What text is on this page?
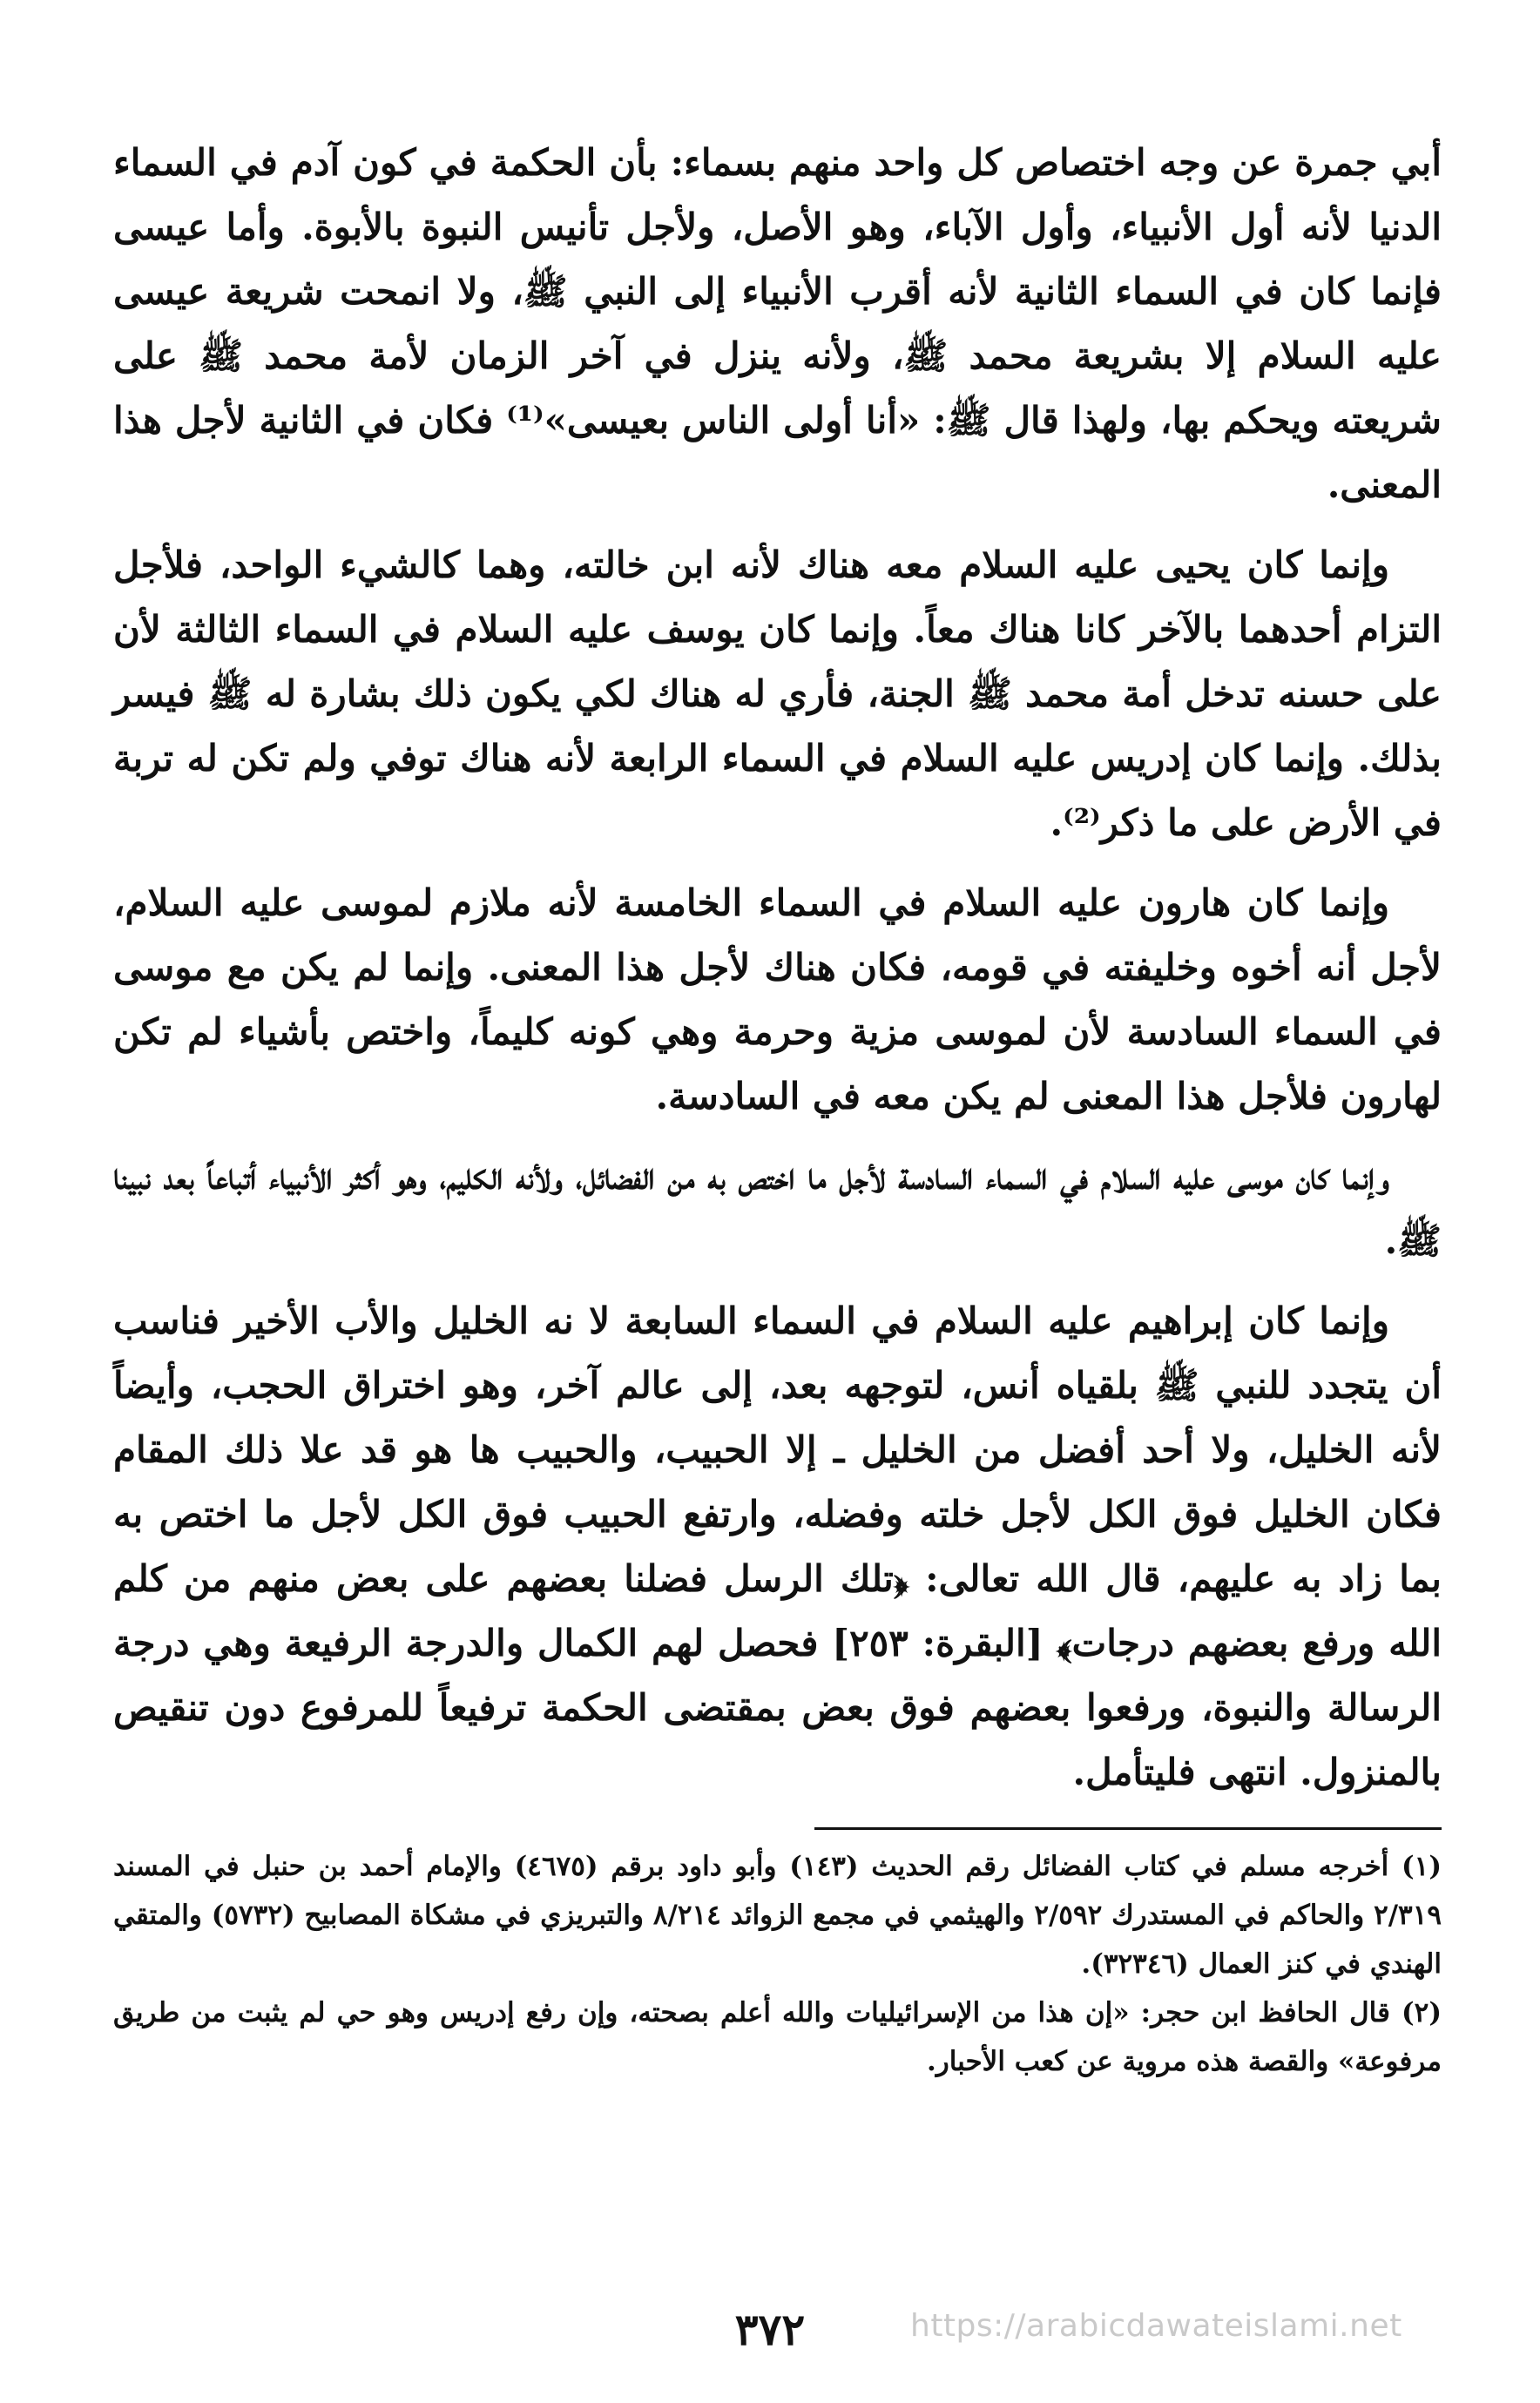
أبي جمرة عن وجه اختصاص كل واحد منهم بسماء: بأن الحكمة في كون آدم في السماء الدنيا لأنه أول الأنبياء، وأول الآباء، وهو الأصل، ولأجل تأنيس النبوة بالأبوة. وأما عيسى فإنما كان في السماء الثانية لأنه أقرب الأنبياء إلى النبي ﷺ، ولا انمحت شريعة عيسى عليه السلام إلا بشريعة محمد ﷺ، ولأنه ينزل في آخر الزمان لأمة محمد ﷺ على شريعته ويحكم بها، ولهذا قال ﷺ: «أنا أولى الناس بعيسى»⁽¹⁾ فكان في الثانية لأجل هذا المعنى.

وإنما كان يحيى عليه السلام معه هناك لأنه ابن خالته، وهما كالشيء الواحد، فلأجل التزام أحدهما بالآخر كانا هناك معاً. وإنما كان يوسف عليه السلام في السماء الثالثة لأن على حسنه تدخل أمة محمد ﷺ الجنة، فأري له هناك لكي يكون ذلك بشارة له ﷺ فيسر بذلك. وإنما كان إدريس عليه السلام في السماء الرابعة لأنه هناك توفي ولم تكن له تربة في الأرض على ما ذكر⁽²⁾.

وإنما كان هارون عليه السلام في السماء الخامسة لأنه ملازم لموسى عليه السلام، لأجل أنه أخوه وخليفته في قومه، فكان هناك لأجل هذا المعنى. وإنما لم يكن مع موسى في السماء السادسة لأن لموسى مزية وحرمة وهي كونه كليماً، واختص بأشياء لم تكن لهارون فلأجل هذا المعنى لم يكن معه في السادسة.

وإنما كان موسى عليه السلام في السماء السادسة لأجل ما اختص به من الفضائل، ولأنه الكليم، وهو أكثر الأنبياء أتباعاً بعد نبينا ﷺ.

وإنما كان إبراهيم عليه السلام في السماء السابعة لا نه الخليل والأب الأخير فناسب أن يتجدد للنبي ﷺ بلقياه أنس، لتوجهه بعد، إلى عالم آخر، وهو اختراق الحجب، وأيضاً لأنه الخليل، ولا أحد أفضل من الخليل ـ إلا الحبيب، والحبيب ها هو قد علا ذلك المقام فكان الخليل فوق الكل لأجل خلته وفضله، وارتفع الحبيب فوق الكل لأجل ما اختص به بما زاد به عليهم، قال الله تعالى: ﴿تلك الرسل فضلنا بعضهم على بعض منهم من كلم الله ورفع بعضهم درجات﴾ [البقرة: ٢٥٣] فحصل لهم الكمال والدرجة الرفيعة وهي درجة الرسالة والنبوة، ورفعوا بعضهم فوق بعض بمقتضى الحكمة ترفيعاً للمرفوع دون تنقيص بالمنزول. انتهى فليتأمل.

(١) أخرجه مسلم في كتاب الفضائل رقم الحديث (١٤٣) وأبو داود برقم (٤٦٧٥) والإمام أحمد بن حنبل في المسند ٢/٣١٩ والحاكم في المستدرك ٢/٥٩٢ والهيثمي في مجمع الزوائد ٨/٢١٤ والتبريزي في مشكاة المصابيح (٥٧٣٢) والمتقي الهندي في كنز العمال (٣٢٣٤٦).

(٢) قال الحافظ ابن حجر: «إن هذا من الإسرائيليات والله أعلم بصحته، وإن رفع إدريس وهو حي لم يثبت من طريق مرفوعة» والقصة هذه مروية عن كعب الأحبار.

٣٧٢	https://arabicdawateislami.net
